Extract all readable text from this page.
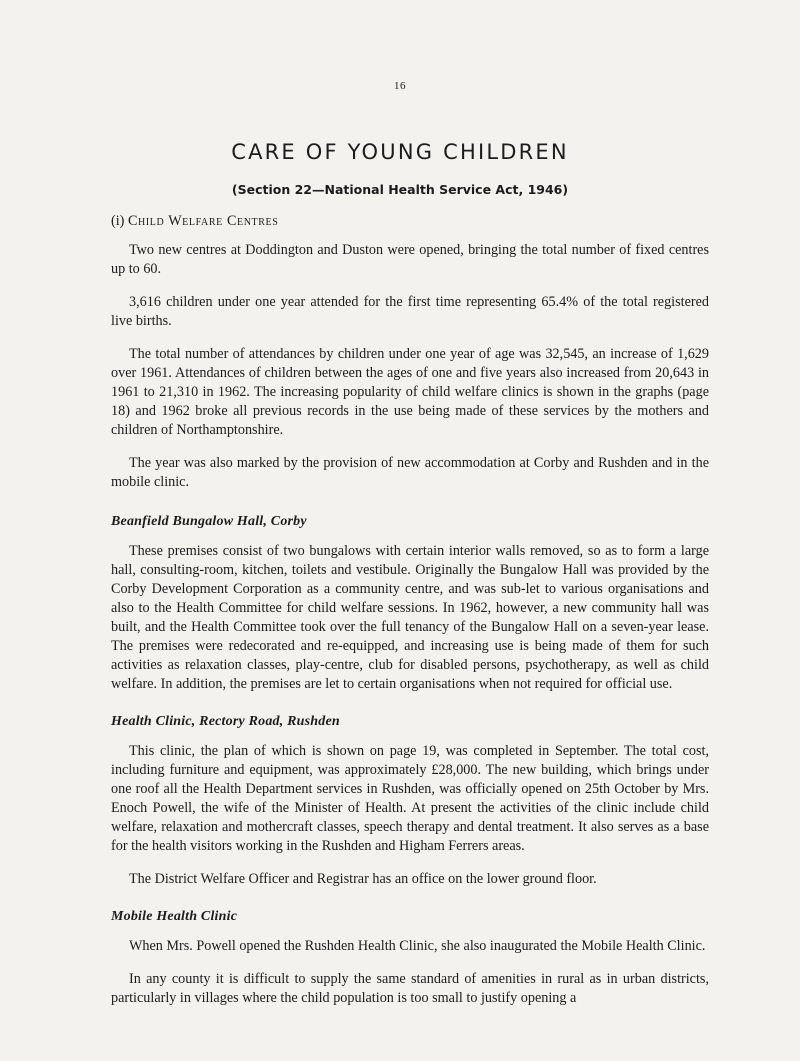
16
CARE OF YOUNG CHILDREN
(Section 22—National Health Service Act, 1946)
(i) Child Welfare Centres

Two new centres at Doddington and Duston were opened, bringing the total number of fixed centres up to 60.

3,616 children under one year attended for the first time representing 65.4% of the total registered live births.

The total number of attendances by children under one year of age was 32,545, an increase of 1,629 over 1961. Attendances of children between the ages of one and five years also increased from 20,643 in 1961 to 21,310 in 1962. The increasing popularity of child welfare clinics is shown in the graphs (page 18) and 1962 broke all previous records in the use being made of these services by the mothers and children of Northamptonshire.

The year was also marked by the provision of new accommodation at Corby and Rushden and in the mobile clinic.

Beanfield Bungalow Hall, Corby

These premises consist of two bungalows with certain interior walls removed, so as to form a large hall, consulting-room, kitchen, toilets and vestibule. Originally the Bungalow Hall was provided by the Corby Development Corporation as a community centre, and was sub-let to various organisations and also to the Health Committee for child welfare sessions. In 1962, however, a new community hall was built, and the Health Committee took over the full tenancy of the Bungalow Hall on a seven-year lease. The premises were redecorated and re-equipped, and increasing use is being made of them for such activities as relaxation classes, play-centre, club for disabled persons, psychotherapy, as well as child welfare. In addition, the premises are let to certain organisations when not required for official use.

Health Clinic, Rectory Road, Rushden

This clinic, the plan of which is shown on page 19, was completed in September. The total cost, including furniture and equipment, was approximately £28,000. The new building, which brings under one roof all the Health Department services in Rushden, was officially opened on 25th October by Mrs. Enoch Powell, the wife of the Minister of Health. At present the activities of the clinic include child welfare, relaxation and mothercraft classes, speech therapy and dental treatment. It also serves as a base for the health visitors working in the Rushden and Higham Ferrers areas.

The District Welfare Officer and Registrar has an office on the lower ground floor.

Mobile Health Clinic

When Mrs. Powell opened the Rushden Health Clinic, she also inaugurated the Mobile Health Clinic.

In any county it is difficult to supply the same standard of amenities in rural as in urban districts, particularly in villages where the child population is too small to justify opening a
